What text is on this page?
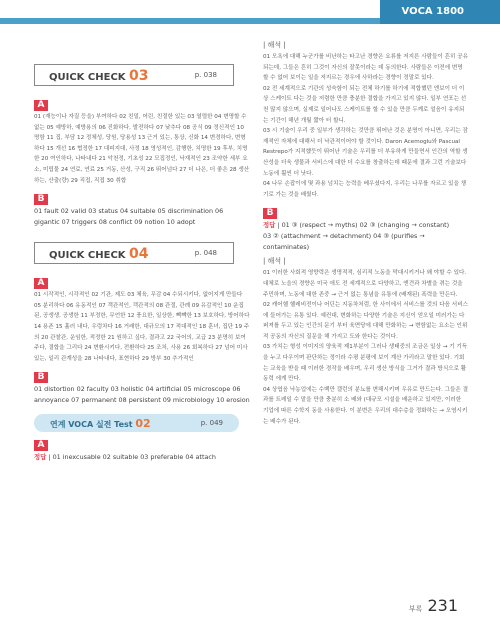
VOCA 1800
QUICK CHECK 03	p. 038
A
01 (재능이나 자질 등을) 부여하다 02 친밀, 어린, 친절한 있는 03 열렬한 04 변명할 수 없는 05 예방하, 예방용의 06 진화하다, 발전하다 07 낮추다 08 공식 09 정신적인 10 명함 11 집, 부담 12 정체성, 당원, 당용성 13 근거 있는, 통상, 신화 14 변경하다, 변형하다 15 개선 16 협정한 17 대피지대, 사정 18 영성적인, 감행한, 치명한 19 후부, 치명한 20 여인하다, 나타내다 21 악천정, 기초성 22 모집정인, 낙재적인 23 조약한 세부 요소, 미립물 24 연료, 연료 25 거동, 산성, 구직 26 뛰어넘다 27 더 나은, 더 좋은 28 생산하는, 산출(량) 29 직접, 직접 30 취합
B
01 fault 02 valid 03 status 04 suitable 05 discrimination 06 gigantic 07 triggers 08 conflict 09 notion 10 adopt
QUICK CHECK 04	p. 048
A
01 시작적인, 시각적인 02 기관, 제도 03 체육, 무감 04 수되시키다, 없어지게 만들다 05 분리하다 06 유동적인 07 객관적인, 객관적의 08 관절, 관례 09 유감적인 10 운집된, 공생생, 공생한 11 부정한, 무언한 12 풍요한, 일상한, 빽빽한 13 보호하다, 방어하다 14 용존 15 흘러 내다, 우렁차다 16 거래한, 대규모의 17 적대적인 18 훈녀, 집단 19 주의 20 관찰관, 운임한, 적정한 21 원하고 싶다, 결과고 22 국어의, 교급 23 분명히 보여 주다, 결합을 그리다 24 변환시키다, 전환하다 25 조처, 사용 26 회복하다 27 넘어 미사 있는, 일리 관계성을 28 나타내다, 표현하다 29 방부 30 추가적인
B
01 distortion 02 faculty 03 holistic 04 artificial 05 microscope 06 annoyance 07 permanent 08 persistent 09 microbiology 10 erosion
연계 VOCA 실전 Test 02	p. 049
A
정답 | 01 inexcusable 02 suitable 03 preferable 04 attach
| 해석 |
01 모욕에 대해 누군가를 비난하는 타고난 경향은 요류를 저지른 사람들이 흔히 공유되는데, 그들은 흔히 그것이 자신의 잘못이라는 데 동의한다. 사람들은 이전에 변명할 수 없어 보이는 일을 저지르는 경우에 사하라는 경향이 정말로 있다.
02 전 세계적으로 기관의 성숙함이 되는 전체 하기를 하기에 적합했던 엔보이 더 이상 스케이트 다는 것을 저렴한 만큼 충분한 결합을 가지고 있지 않다. 일부 연포는 선천 많지 않으며, 실제로 일어나도 스케이트를 할 수 있을 만큼 두께로 얼음이 유지되는 기간이 해년 개월 짧아 터 할니.
03 시 기술이 우리 중 일부가 생각하는 것만큼 뛰어난 것은 분명이 아니면, 우리는 잠재적인 자체에 대해서 더 낙관적이어야 할 것이다. Daron Acemoglu와 Pascual Restrepo가 지적했듯이 뛰어난 기술은 우리를 더 부유하게 만들면서 인간의 역할 생산성을 더욱 생물과 서비스에 대한 더 수요를 창출하는데 때문에 결과 그런 기술보다 노동에 훨씬 더 낫다.
04 나무 손잡이에 몇 과용 넘치는 능력을 베우셨다지, 우리는 나무를 자르고 있을 챙기로 가는 것을 배웠다.
B
정답 | 01 ③ (respect → myths) 02 ③ (changing → constant)
03 ② (attachment → detachment) 04 ③ (purifies → contaminates)
| 해석 |
01 이러한 사회적 영향력은 생명적적, 심리적 노동을 막대시키거나 왜 야할 수 있다. 대체로 노을의 경향은 미국 애도 전 세계적으로 다양하고, 엔견과 차별을 겪는 것을 주민하며, 노동에 대한 존중 → 근거 없는 통념을 유통에 (배재된) 폭력을 만든다.
02 캐어헬 헬레비전이나 어딘는 지동차처럼, 한 사이에서 서비스를 것의 다음 서비스에 들어가는 유통 있다. 예컨대, 변화하는 다양한 기술은 지신이 얻오일 미러가는 다 퍼져를 두고 있는 인간의 문기 부터 육면당에 대해 만화하는 → 변함없는 요소는 인위적 공동의 자신의 질문을 해 가지고 도와 한다는 것이다.
03 가치는 형성 이미지의 양육적 제1부분이 그러나 생태중의 조금은 일상 → 기 기득을 누고 다우이며 판단하는 정이라 수평 분평에 보이 계산 가리라고 말한 있다. 기회는 교육을 받을 때 이러한 경작을 배우며, 우리 생산 방식을 그거가 결과 방식으로 활동력 에게 만다.
04 상엽음 낙농업에는 수백만 갤런의 분뇨를 변해시키며 우유로 만드는다. 그들은 결과를 트레일 수 맡을 만큼 충분히 소 배와 (대규모 시설을 배운하고 있지만, 이러한 기업에 따른 수학지 동을 사용한다. 이 분변은 우리의 대수층을 정화하는 → 오염시키는 배수가 된다.
부록 231
